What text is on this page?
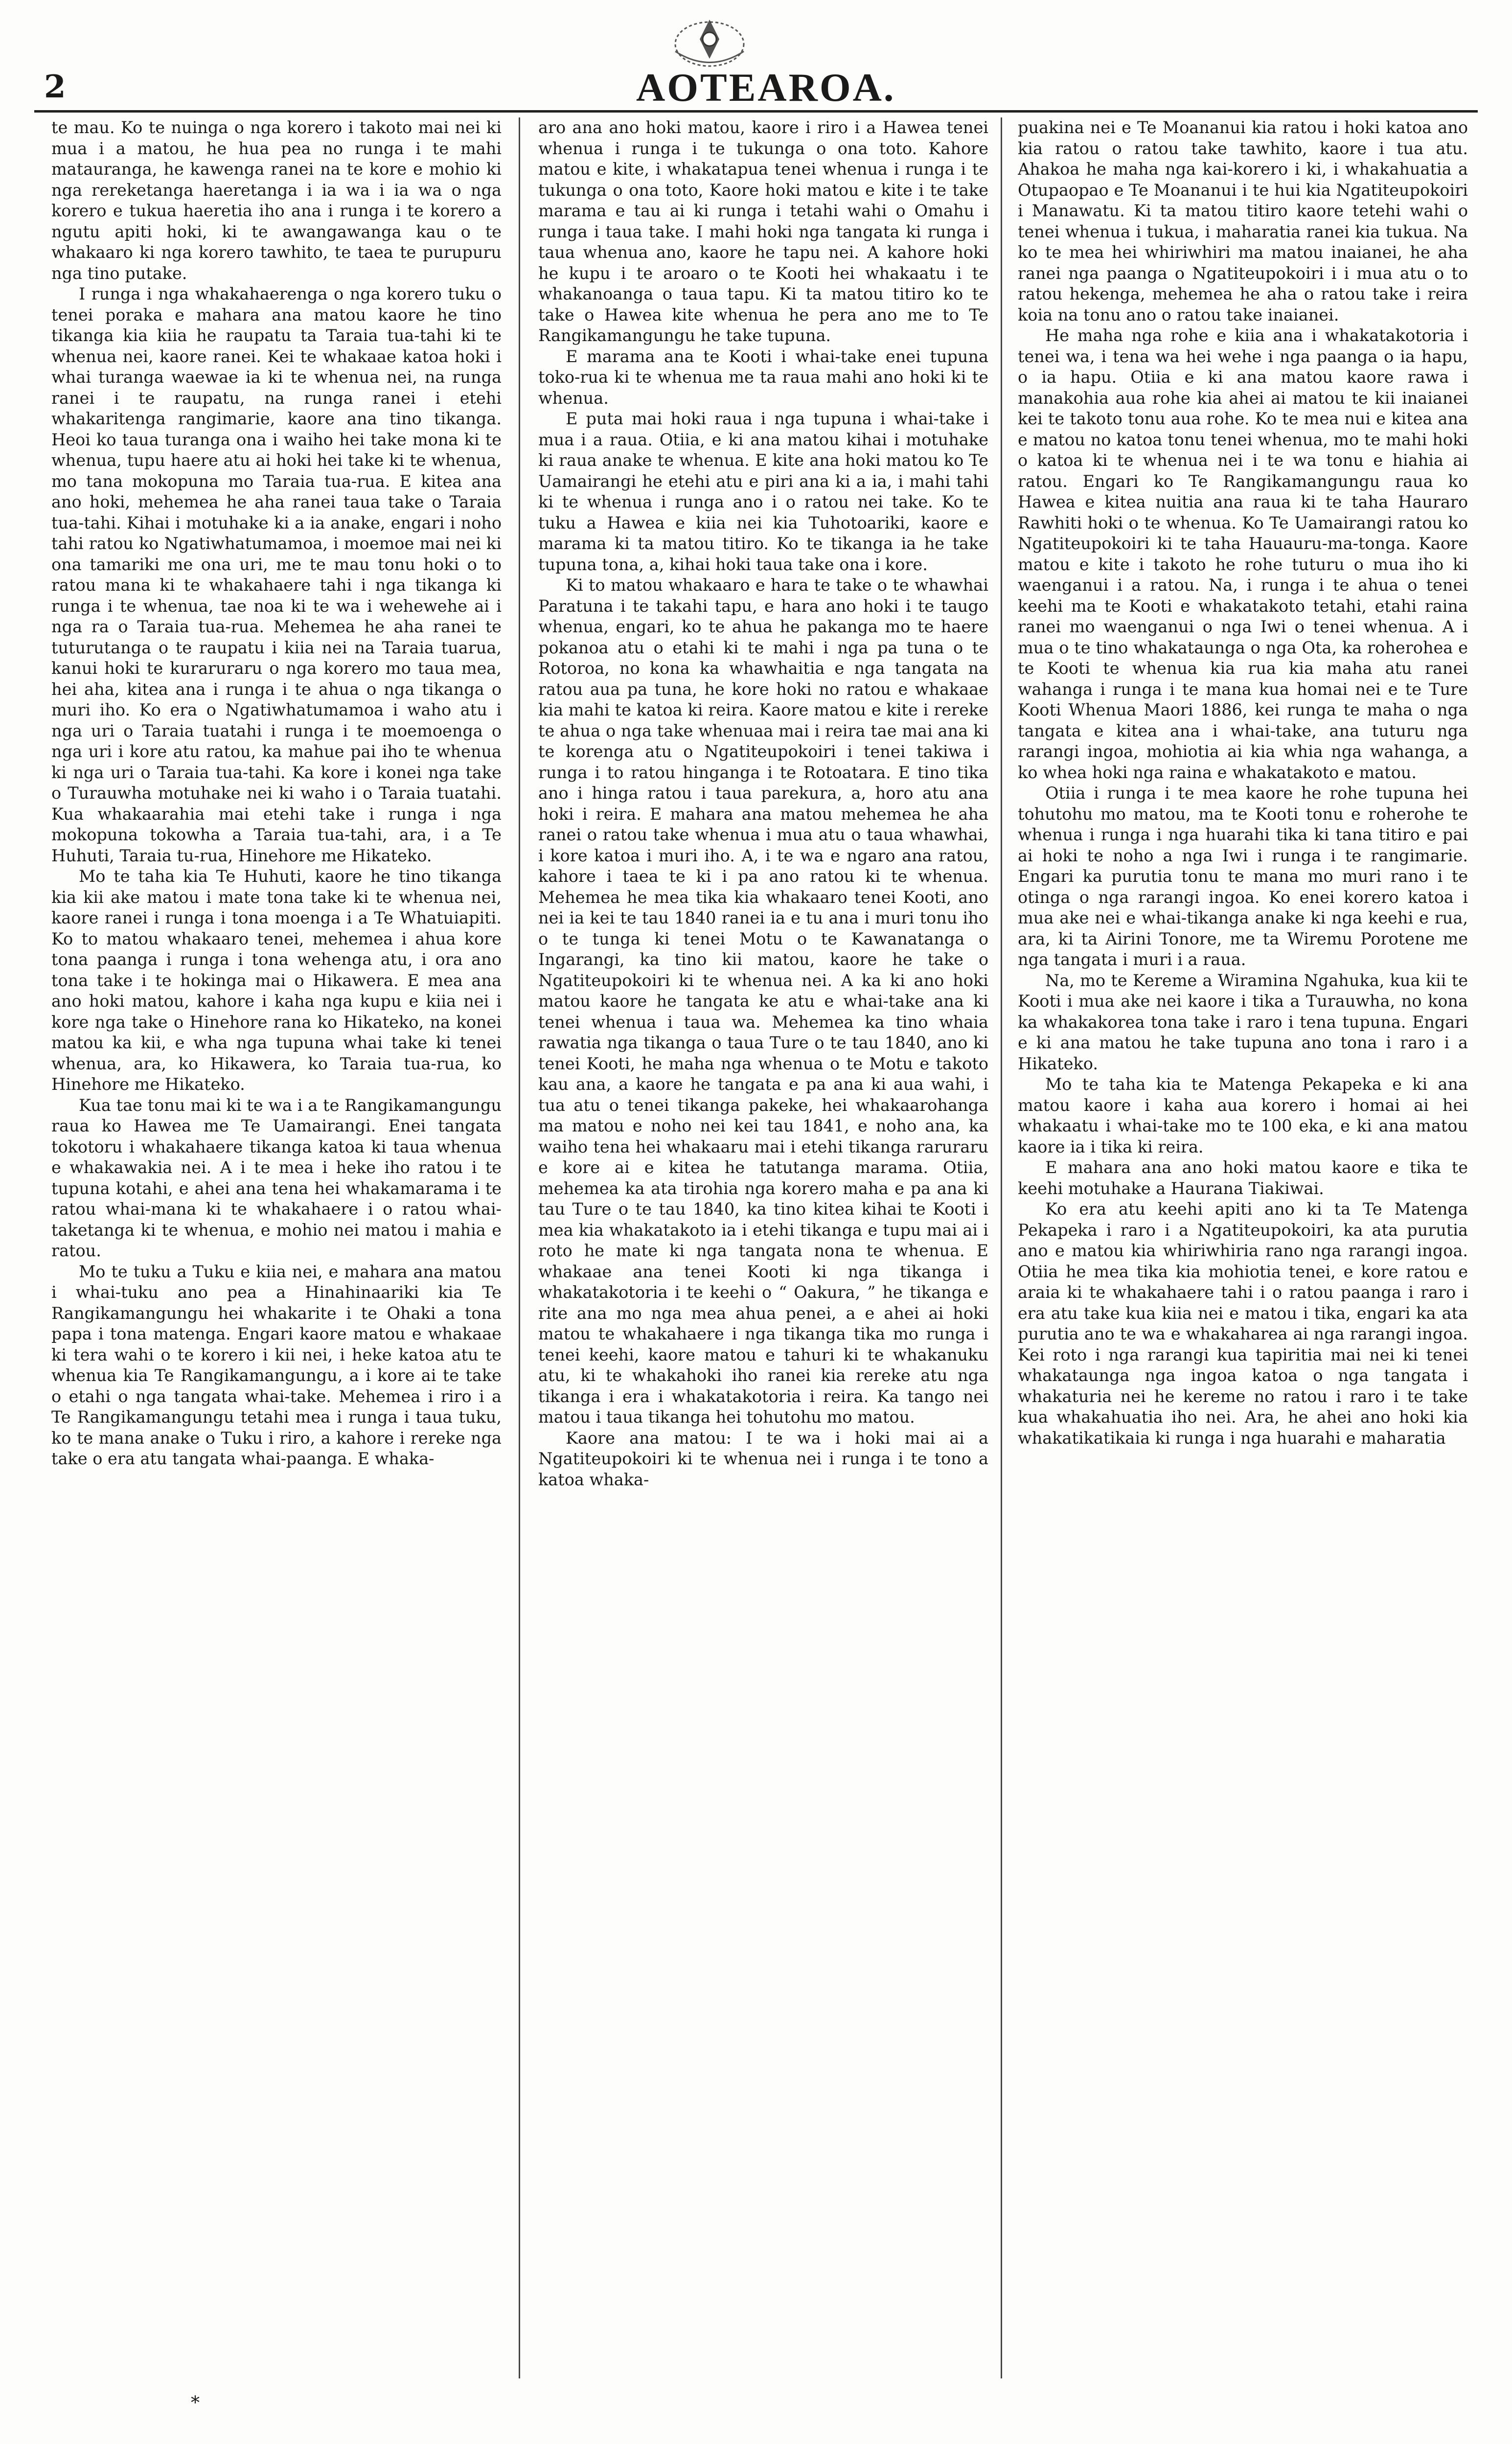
2	AOTEAROA.

te mau. Ko te nuinga o nga korero i takoto mai nei ki mua i a matou, he hua pea no runga i te mahi matauranga, he kawenga ranei na te kore e mohio ki nga rereketanga haeretanga i ia wa i ia wa o nga korero e tukua haeretia iho ana i runga i te korero a ngutu apiti hoki, ki te awangawanga kau o te whakaaro ki nga korero tawhito, te taea te purupuru nga tino putake.

I runga i nga whakahaerenga o nga korero tuku o tenei poraka e mahara ana matou kaore he tino tikanga kia kiia he raupatu ta Taraia tua-tahi ki te whenua nei, kaore ranei. Kei te whakaae katoa hoki i whai turanga waewae ia ki te whenua nei, na runga ranei i te raupatu, na runga ranei i etehi whakaritenga rangimarie, kaore ana tino tikanga. Heoi ko taua turanga ona i waiho hei take mona ki te whenua, tupu haere atu ai hoki hei take ki te whenua, mo tana mokopuna mo Taraia tua-rua. E kitea ana ano hoki, mehemea he aha ranei taua take o Taraia tua-tahi. Kihai i motuhake ki a ia anake, engari i noho tahi ratou ko Ngatiwhatumamoa, i moemoe mai nei ki ona tamariki me ona uri, me te mau tonu hoki o to ratou mana ki te whakahaere tahi i nga tikanga ki runga i te whenua, tae noa ki te wa i wehewehe ai i nga ra o Taraia tua-rua. Mehemea he aha ranei te tuturutanga o te raupatu i kiia nei na Taraia tuarua, kanui hoki te kuraruraru o nga korero mo taua mea, hei aha, kitea ana i runga i te ahua o nga tikanga o muri iho. Ko era o Ngatiwhatumamoa i waho atu i nga uri o Taraia tuatahi i runga i te moemoenga o nga uri i kore atu ratou, ka mahue pai iho te whenua ki nga uri o Taraia tua-tahi. Ka kore i konei nga take o Turauwha motuhake nei ki waho i o Taraia tuatahi. Kua whakaarahia mai etehi take i runga i nga mokopuna tokowha a Taraia tua-tahi, ara, i a Te Huhuti, Taraia tu-rua, Hinehore me Hikateko.

Mo te taha kia Te Huhuti, kaore he tino tikanga kia kii ake matou i mate tona take ki te whenua nei, kaore ranei i runga i tona moenga i a Te Whatuiapiti. Ko to matou whakaaro tenei, mehemea i ahua kore tona paanga i runga i tona wehenga atu, i ora ano tona take i te hokinga mai o Hikawera. E mea ana ano hoki matou, kahore i kaha nga kupu e kiia nei i kore nga take o Hinehore rana ko Hikateko, na konei matou ka kii, e wha nga tupuna whai take ki tenei whenua, ara, ko Hikawera, ko Taraia tua-rua, ko Hinehore me Hikateko.

Kua tae tonu mai ki te wa i a te Rangikamangungu raua ko Hawea me Te Uamairangi. Enei tangata tokotoru i whakahaere tikanga katoa ki taua whenua e whakawakia nei. A i te mea i heke iho ratou i te tupuna kotahi, e ahei ana tena hei whakamarama i te ratou whai-mana ki te whakahaere i o ratou whai-taketanga ki te whenua, e mohio nei matou i mahia e ratou.

Mo te tuku a Tuku e kiia nei, e mahara ana matou i whai-tuku ano pea a Hinahinaariki kia Te Rangikamangungu hei whakarite i te Ohaki a tona papa i tona matenga. Engari kaore matou e whakaae ki tera wahi o te korero i kii nei, i heke katoa atu te whenua kia Te Rangikamangungu, a i kore ai te take o etahi o nga tangata whai-take. Mehemea i riro i a Te Rangikamangungu tetahi mea i runga i taua tuku, ko te mana anake o Tuku i riro, a kahore i rereke nga take o era atu tangata whai-paanga. E whaka-

aro ana ano hoki matou, kaore i riro i a Hawea tenei whenua i runga i te tukunga o ona toto. Kahore matou e kite, i whakatapua tenei whenua i runga i te tukunga o ona toto, Kaore hoki matou e kite i te take marama e tau ai ki runga i tetahi wahi o Omahu i runga i taua take. I mahi hoki nga tangata ki runga i taua whenua ano, kaore he tapu nei. A kahore hoki he kupu i te aroaro o te Kooti hei whakaatu i te whakanoanga o taua tapu. Ki ta matou titiro ko te take o Hawea kite whenua he pera ano me to Te Rangikamangungu he take tupuna.

E marama ana te Kooti i whai-take enei tupuna toko-rua ki te whenua me ta raua mahi ano hoki ki te whenua.

E puta mai hoki raua i nga tupuna i whai-take i mua i a raua. Otiia, e ki ana matou kihai i motuhake ki raua anake te whenua. E kite ana hoki matou ko Te Uamairangi he etehi atu e piri ana ki a ia, i mahi tahi ki te whenua i runga ano i o ratou nei take. Ko te tuku a Hawea e kiia nei kia Tuhotoariki, kaore e marama ki ta matou titiro. Ko te tikanga ia he take tupuna tona, a, kihai hoki taua take ona i kore.

Ki to matou whakaaro e hara te take o te whawhai Paratuna i te takahi tapu, e hara ano hoki i te taugo whenua, engari, ko te ahua he pakanga mo te haere pokanoa atu o etahi ki te mahi i nga pa tuna o te Rotoroa, no kona ka whawhaitia e nga tangata na ratou aua pa tuna, he kore hoki no ratou e whakaae kia mahi te katoa ki reira. Kaore matou e kite i rereke te ahua o nga take whenuaa mai i reira tae mai ana ki te korenga atu o Ngatiteupokoiri i tenei takiwa i runga i to ratou hinganga i te Rotoatara. E tino tika ano i hinga ratou i taua parekura, a, horo atu ana hoki i reira. E mahara ana matou mehemea he aha ranei o ratou take whenua i mua atu o taua whawhai, i kore katoa i muri iho. A, i te wa e ngaro ana ratou, kahore i taea te ki i pa ano ratou ki te whenua. Mehemea he mea tika kia whakaaro tenei Kooti, ano nei ia kei te tau 1840 ranei ia e tu ana i muri tonu iho o te tunga ki tenei Motu o te Kawanatanga o Ingarangi, ka tino kii matou, kaore he take o Ngatiteupokoiri ki te whenua nei. A ka ki ano hoki matou kaore he tangata ke atu e whai-take ana ki tenei whenua i taua wa. Mehemea ka tino whaia rawatia nga tikanga o taua Ture o te tau 1840, ano ki tenei Kooti, he maha nga whenua o te Motu e takoto kau ana, a kaore he tangata e pa ana ki aua wahi, i tua atu o tenei tikanga pakeke, hei whakaarohanga ma matou e noho nei kei tau 1841, e noho ana, ka waiho tena hei whakaaru mai i etehi tikanga raruraru e kore ai e kitea he tatutanga marama. Otiia, mehemea ka ata tirohia nga korero maha e pa ana ki tau Ture o te tau 1840, ka tino kitea kihai te Kooti i mea kia whakatakoto ia i etehi tikanga e tupu mai ai i roto he mate ki nga tangata nona te whenua. E whakaae ana tenei Kooti ki nga tikanga i whakatakotoria i te keehi o “ Oakura, ” he tikanga e rite ana mo nga mea ahua penei, a e ahei ai hoki matou te whakahaere i nga tikanga tika mo runga i tenei keehi, kaore matou e tahuri ki te whakanuku atu, ki te whakahoki iho ranei kia rereke atu nga tikanga i era i whakatakotoria i reira. Ka tango nei matou i taua tikanga hei tohutohu mo matou.

Kaore ana matou: I te wa i hoki mai ai a Ngatiteupokoiri ki te whenua nei i runga i te tono a katoa whaka-

puakina nei e Te Moananui kia ratou i hoki katoa ano kia ratou o ratou take tawhito, kaore i tua atu. Ahakoa he maha nga kai-korero i ki, i whakahuatia a Otupaopao e Te Moananui i te hui kia Ngatiteupokoiri i Manawatu. Ki ta matou titiro kaore tetehi wahi o tenei whenua i tukua, i maharatia ranei kia tukua. Na ko te mea hei whiriwhiri ma matou inaianei, he aha ranei nga paanga o Ngatiteupokoiri i i mua atu o to ratou hekenga, mehemea he aha o ratou take i reira koia na tonu ano o ratou take inaianei.

He maha nga rohe e kiia ana i whakatakotoria i tenei wa, i tena wa hei wehe i nga paanga o ia hapu, o ia hapu. Otiia e ki ana matou kaore rawa i manakohia aua rohe kia ahei ai matou te kii inaianei kei te takoto tonu aua rohe. Ko te mea nui e kitea ana e matou no katoa tonu tenei whenua, mo te mahi hoki o katoa ki te whenua nei i te wa tonu e hiahia ai ratou. Engari ko Te Rangikamangungu raua ko Hawea e kitea nuitia ana raua ki te taha Hauraro Rawhiti hoki o te whenua. Ko Te Uamairangi ratou ko Ngatiteupokoiri ki te taha Hauauru-ma-tonga. Kaore matou e kite i takoto he rohe tuturu o mua iho ki waenganui i a ratou. Na, i runga i te ahua o tenei keehi ma te Kooti e whakatakoto tetahi, etahi raina ranei mo waenganui o nga Iwi o tenei whenua. A i mua o te tino whakataunga o nga Ota, ka roherohea e te Kooti te whenua kia rua kia maha atu ranei wahanga i runga i te mana kua homai nei e te Ture Kooti Whenua Maori 1886, kei runga te maha o nga tangata e kitea ana i whai-take, ana tuturu nga rarangi ingoa, mohiotia ai kia whia nga wahanga, a ko whea hoki nga raina e whakatakoto e matou.

Otiia i runga i te mea kaore he rohe tupuna hei tohutohu mo matou, ma te Kooti tonu e roherohe te whenua i runga i nga huarahi tika ki tana titiro e pai ai hoki te noho a nga Iwi i runga i te rangimarie. Engari ka purutia tonu te mana mo muri rano i te otinga o nga rarangi ingoa. Ko enei korero katoa i mua ake nei e whai-tikanga anake ki nga keehi e rua, ara, ki ta Airini Tonore, me ta Wiremu Porotene me nga tangata i muri i a raua.

Na, mo te Kereme a Wiramina Ngahuka, kua kii te Kooti i mua ake nei kaore i tika a Turauwha, no kona ka whakakorea tona take i raro i tena tupuna. Engari e ki ana matou he take tupuna ano tona i raro i a Hikateko.

Mo te taha kia te Matenga Pekapeka e ki ana matou kaore i kaha aua korero i homai ai hei whakaatu i whai-take mo te 100 eka, e ki ana matou kaore ia i tika ki reira.

E mahara ana ano hoki matou kaore e tika te keehi motuhake a Haurana Tiakiwai.

Ko era atu keehi apiti ano ki ta Te Matenga Pekapeka i raro i a Ngatiteupokoiri, ka ata purutia ano e matou kia whiriwhiria rano nga rarangi ingoa. Otiia he mea tika kia mohiotia tenei, e kore ratou e araia ki te whakahaere tahi i o ratou paanga i raro i era atu take kua kiia nei e matou i tika, engari ka ata purutia ano te wa e whakaharea ai nga rarangi ingoa. Kei roto i nga rarangi kua tapiritia mai nei ki tenei whakataunga nga ingoa katoa o nga tangata i whakaturia nei he kereme no ratou i raro i te take kua whakahuatia iho nei. Ara, he ahei ano hoki kia whakatikatikaia ki runga i nga huarahi e maharatia

*
